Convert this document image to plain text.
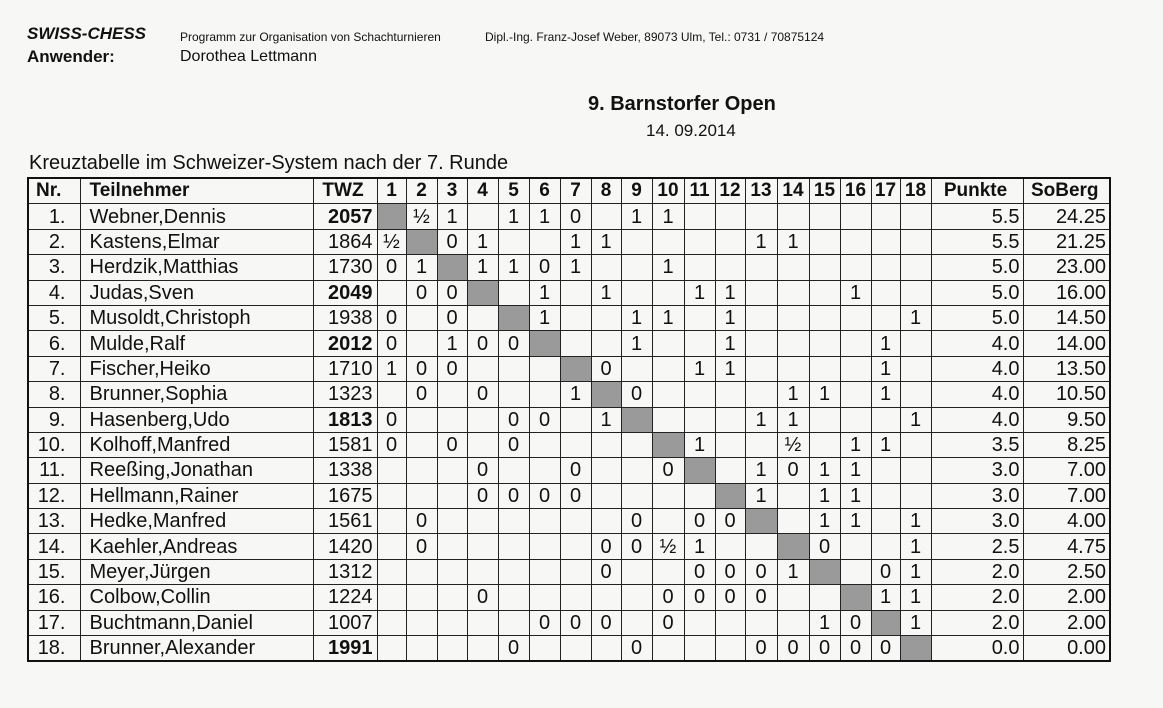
SWISS-CHESS	Programm zur Organisation von Schachturnieren	Dipl.-Ing. Franz-Josef Weber, 89073 Ulm, Tel.: 0731 / 70875124
Anwender:	Dorothea Lettmann
9. Barnstorfer Open
14. 09.2014
Kreuztabelle im Schweizer-System nach der 7. Runde
Nr.	Teilnehmer	TWZ	1	2	3	4	5	6	7	8	9	10	11	12	13	14	15	16	17	18	Punkte	SoBerg
1.	Webner,Dennis	2057		½	1		1	1	0		1	1									5.5	24.25
2.	Kastens,Elmar	1864	½		0	1			1	1					1	1					5.5	21.25
3.	Herdzik,Matthias	1730	0	1		1	1	0	1			1									5.0	23.00
4.	Judas,Sven	2049		0	0			1		1			1	1				1			5.0	16.00
5.	Musoldt,Christoph	1938	0		0			1			1	1		1						1	5.0	14.50
6.	Mulde,Ralf	2012	0		1	0	0				1			1					1		4.0	14.00
7.	Fischer,Heiko	1710	1	0	0					0			1	1					1		4.0	13.50
8.	Brunner,Sophia	1323		0		0			1		0					1	1		1		4.0	10.50
9.	Hasenberg,Udo	1813	0				0	0		1					1	1				1	4.0	9.50
10.	Kolhoff,Manfred	1581	0		0		0						1			½		1	1		3.5	8.25
11.	Reeßing,Jonathan	1338				0			0			0			1	0	1	1			3.0	7.00
12.	Hellmann,Rainer	1675				0	0	0	0						1		1	1			3.0	7.00
13.	Hedke,Manfred	1561		0							0		0	0			1	1		1	3.0	4.00
14.	Kaehler,Andreas	1420		0						0	0	½	1				0			1	2.5	4.75
15.	Meyer,Jürgen	1312								0			0	0	0	1			0	1	2.0	2.50
16.	Colbow,Collin	1224				0						0	0	0	0				1	1	2.0	2.00
17.	Buchtmann,Daniel	1007						0	0	0		0					1	0		1	2.0	2.00
18.	Brunner,Alexander	1991					0				0				0	0	0	0	0		0.0	0.00
